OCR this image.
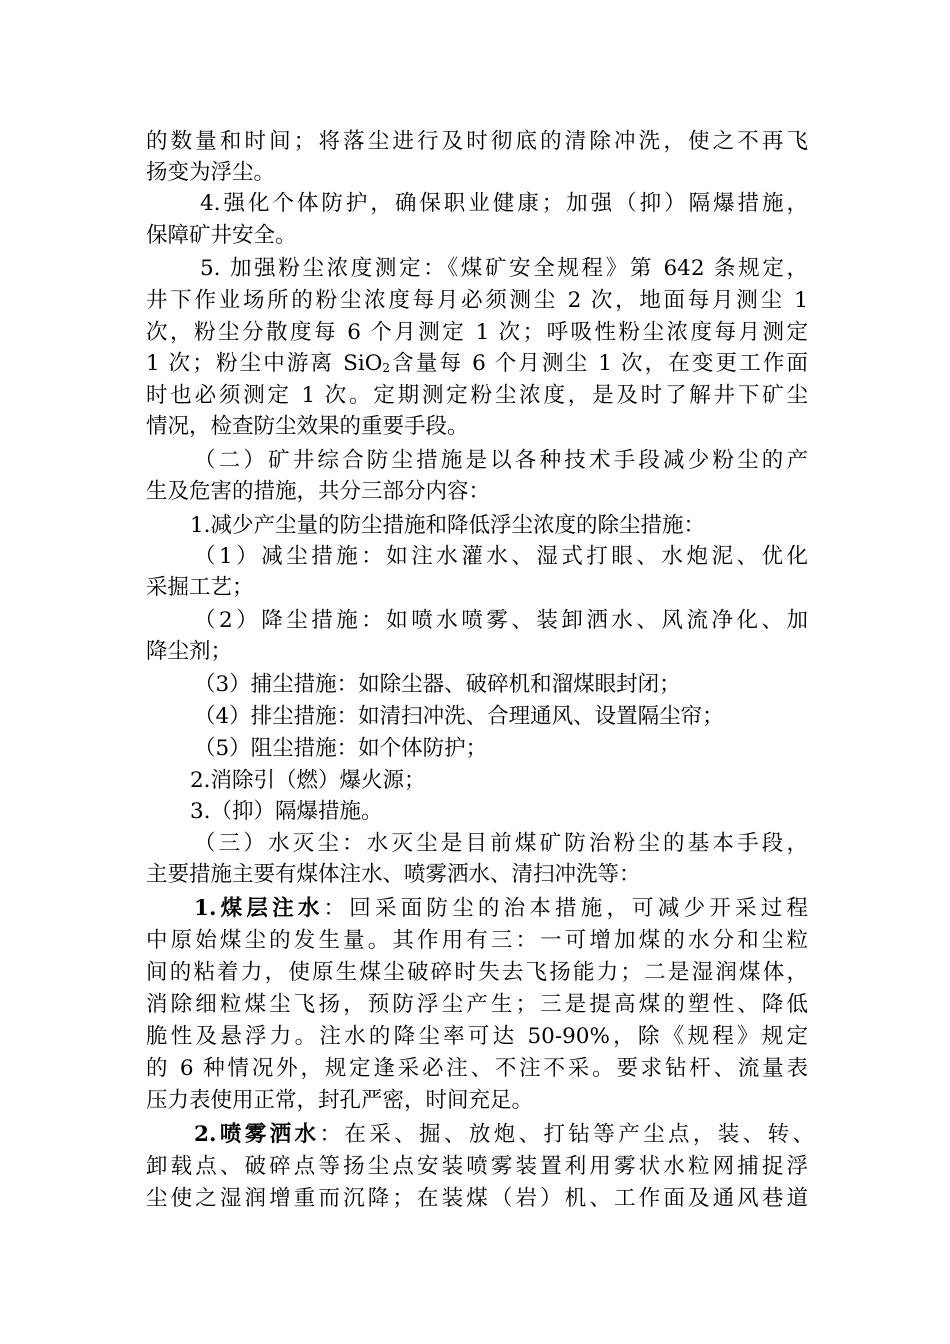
的数量和时间；将落尘进行及时彻底的清除冲洗，使之不再飞
扬变为浮尘。
4.强化个体防护，确保职业健康；加强（抑）隔爆措施，
保障矿井安全。
5. 加强粉尘浓度测定：《煤矿安全规程》第 642 条规定，
井下作业场所的粉尘浓度每月必须测尘 2 次，地面每月测尘 1
次，粉尘分散度每 6 个月测定 1 次；呼吸性粉尘浓度每月测定
1 次；粉尘中游离 SiO$_2$含量每 6 个月测尘 1 次，在变更工作面
时也必须测定 1 次。定期测定粉尘浓度，是及时了解井下矿尘
情况，检查防尘效果的重要手段。
（二）矿井综合防尘措施是以各种技术手段减少粉尘的产
生及危害的措施，共分三部分内容：
1.减少产尘量的防尘措施和降低浮尘浓度的除尘措施：
（1）减尘措施：如注水灌水、湿式打眼、水炮泥、优化
采掘工艺；
（2）降尘措施：如喷水喷雾、装卸洒水、风流净化、加
降尘剂；
（3）捕尘措施：如除尘器、破碎机和溜煤眼封闭；
（4）排尘措施：如清扫冲洗、合理通风、设置隔尘帘；
（5）阻尘措施：如个体防护；
2.消除引（燃）爆火源；
3.（抑）隔爆措施。
（三）水灭尘：水灭尘是目前煤矿防治粉尘的基本手段，
主要措施主要有煤体注水、喷雾洒水、清扫冲洗等：
1.煤层注水：回采面防尘的治本措施，可减少开采过程
中原始煤尘的发生量。其作用有三：一可增加煤的水分和尘粒
间的粘着力，使原生煤尘破碎时失去飞扬能力；二是湿润煤体，
消除细粒煤尘飞扬，预防浮尘产生；三是提高煤的塑性、降低
脆性及悬浮力。注水的降尘率可达 50-90%，除《规程》规定
的 6 种情况外，规定逢采必注、不注不采。要求钻杆、流量表
压力表使用正常，封孔严密，时间充足。
2.喷雾洒水：在采、掘、放炮、打钻等产尘点，装、转、
卸载点、破碎点等扬尘点安装喷雾装置利用雾状水粒网捕捉浮
尘使之湿润增重而沉降；在装煤（岩）机、工作面及通风巷道
